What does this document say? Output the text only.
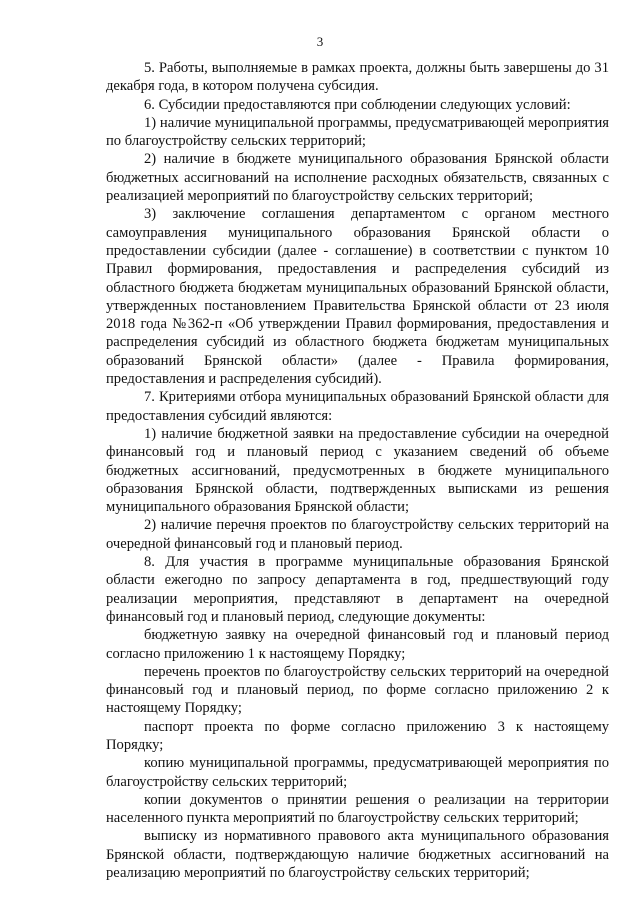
3

5. Работы, выполняемые в рамках проекта, должны быть завершены до 31 декабря года, в котором получена субсидия.

6. Субсидии предоставляются при соблюдении следующих условий:

1) наличие муниципальной программы, предусматривающей мероприятия по благоустройству сельских территорий;

2) наличие в бюджете муниципального образования Брянской области бюджетных ассигнований на исполнение расходных обязательств, связанных с реализацией мероприятий по благоустройству сельских территорий;

3) заключение соглашения департаментом с органом местного самоуправления муниципального образования Брянской области о предоставлении субсидии (далее - соглашение) в соответствии с пунктом 10 Правил формирования, предоставления и распределения субсидий из областного бюджета бюджетам муниципальных образований Брянской области, утвержденных постановлением Правительства Брянской области от 23 июля 2018 года №362-п «Об утверждении Правил формирования, предоставления и распределения субсидий из областного бюджета бюджетам муниципальных образований Брянской области» (далее - Правила формирования, предоставления и распределения субсидий).

7. Критериями отбора муниципальных образований Брянской области для предоставления субсидий являются:

1) наличие бюджетной заявки на предоставление субсидии на очередной финансовый год и плановый период с указанием сведений об объеме бюджетных ассигнований, предусмотренных в бюджете муниципального образования Брянской области, подтвержденных выписками из решения муниципального образования Брянской области;

2) наличие перечня проектов по благоустройству сельских территорий на очередной финансовый год и плановый период.

8. Для участия в программе муниципальные образования Брянской области ежегодно по запросу департамента в год, предшествующий году реализации мероприятия, представляют в департамент на очередной финансовый год и плановый период, следующие документы:

бюджетную заявку на очередной финансовый год и плановый период согласно приложению 1 к настоящему Порядку;

перечень проектов по благоустройству сельских территорий на очередной финансовый год и плановый период, по форме согласно приложению 2 к настоящему Порядку;

паспорт проекта по форме согласно приложению 3 к настоящему Порядку;

копию муниципальной программы, предусматривающей мероприятия по благоустройству сельских территорий;

копии документов о принятии решения о реализации на территории населенного пункта мероприятий по благоустройству сельских территорий;

выписку из нормативного правового акта муниципального образования Брянской области, подтверждающую наличие бюджетных ассигнований на реализацию мероприятий по благоустройству сельских территорий;
